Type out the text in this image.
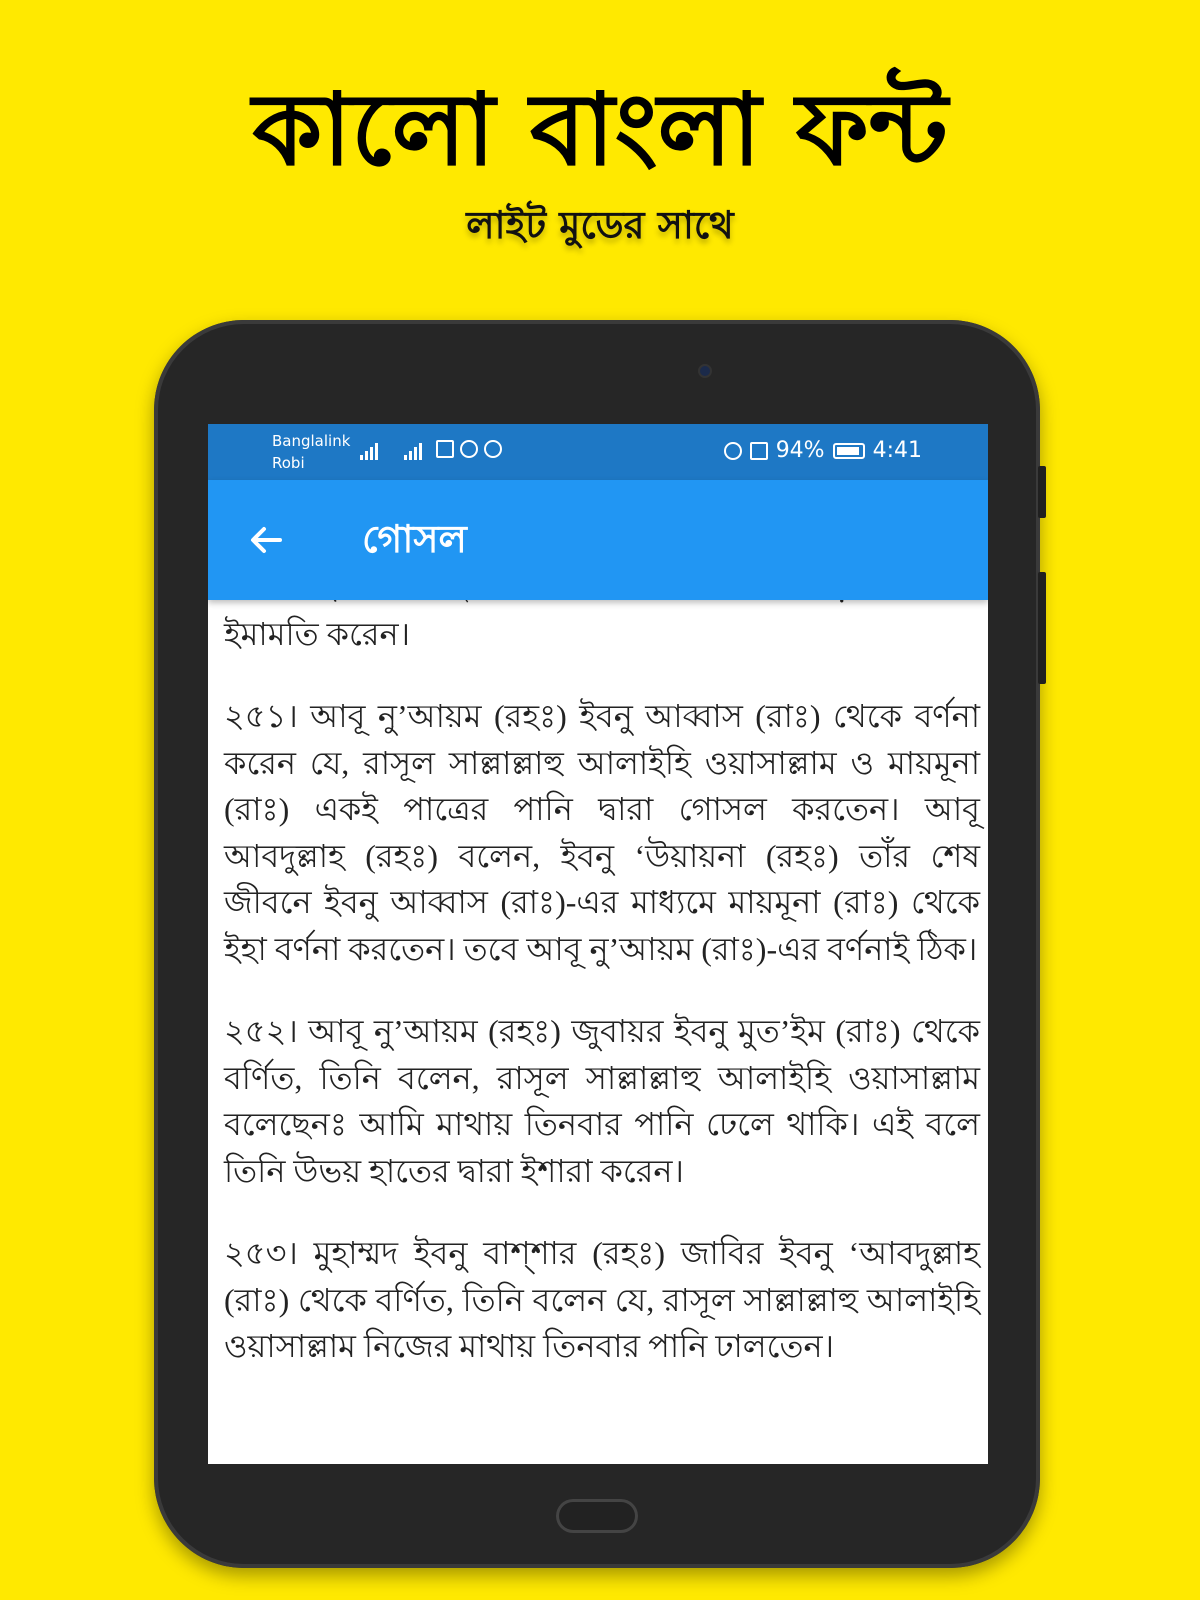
কালো বাংলা ফন্ট
লাইট মুডের সাথে
Banglalink
Robi	94% 4:41
গোসল

ইমামতি করেন।

২৫১। আবূ নু’আয়ম (রহঃ) ইবনু আব্বাস (রাঃ) থেকে বর্ণনা করেন যে, রাসূল সাল্লাল্লাহু আলাইহি ওয়াসাল্লাম ও মায়মূনা (রাঃ) একই পাত্রের পানি দ্বারা গোসল করতেন। আবূ আবদুল্লাহ (রহঃ) বলেন, ইবনু ‘উয়ায়না (রহঃ) তাঁর শেষ জীবনে ইবনু আব্বাস (রাঃ)-এর মাধ্যমে মায়মূনা (রাঃ) থেকে ইহা বর্ণনা করতেন। তবে আবূ নু’আয়ম (রাঃ)-এর বর্ণনাই ঠিক।

২৫২। আবূ নু’আয়ম (রহঃ) জুবায়র ইবনু মুত’ইম (রাঃ) থেকে বর্ণিত, তিনি বলেন, রাসূল সাল্লাল্লাহু আলাইহি ওয়াসাল্লাম বলেছেনঃ আমি মাথায় তিনবার পানি ঢেলে থাকি। এই বলে তিনি উভয় হাতের দ্বারা ইশারা করেন।

২৫৩। মুহাম্মদ ইবনু বাশ্শার (রহঃ) জাবির ইবনু ‘আবদুল্লাহ (রাঃ) থেকে বর্ণিত, তিনি বলেন যে, রাসূল সাল্লাল্লাহু আলাইহি ওয়াসাল্লাম নিজের মাথায় তিনবার পানি ঢালতেন।
